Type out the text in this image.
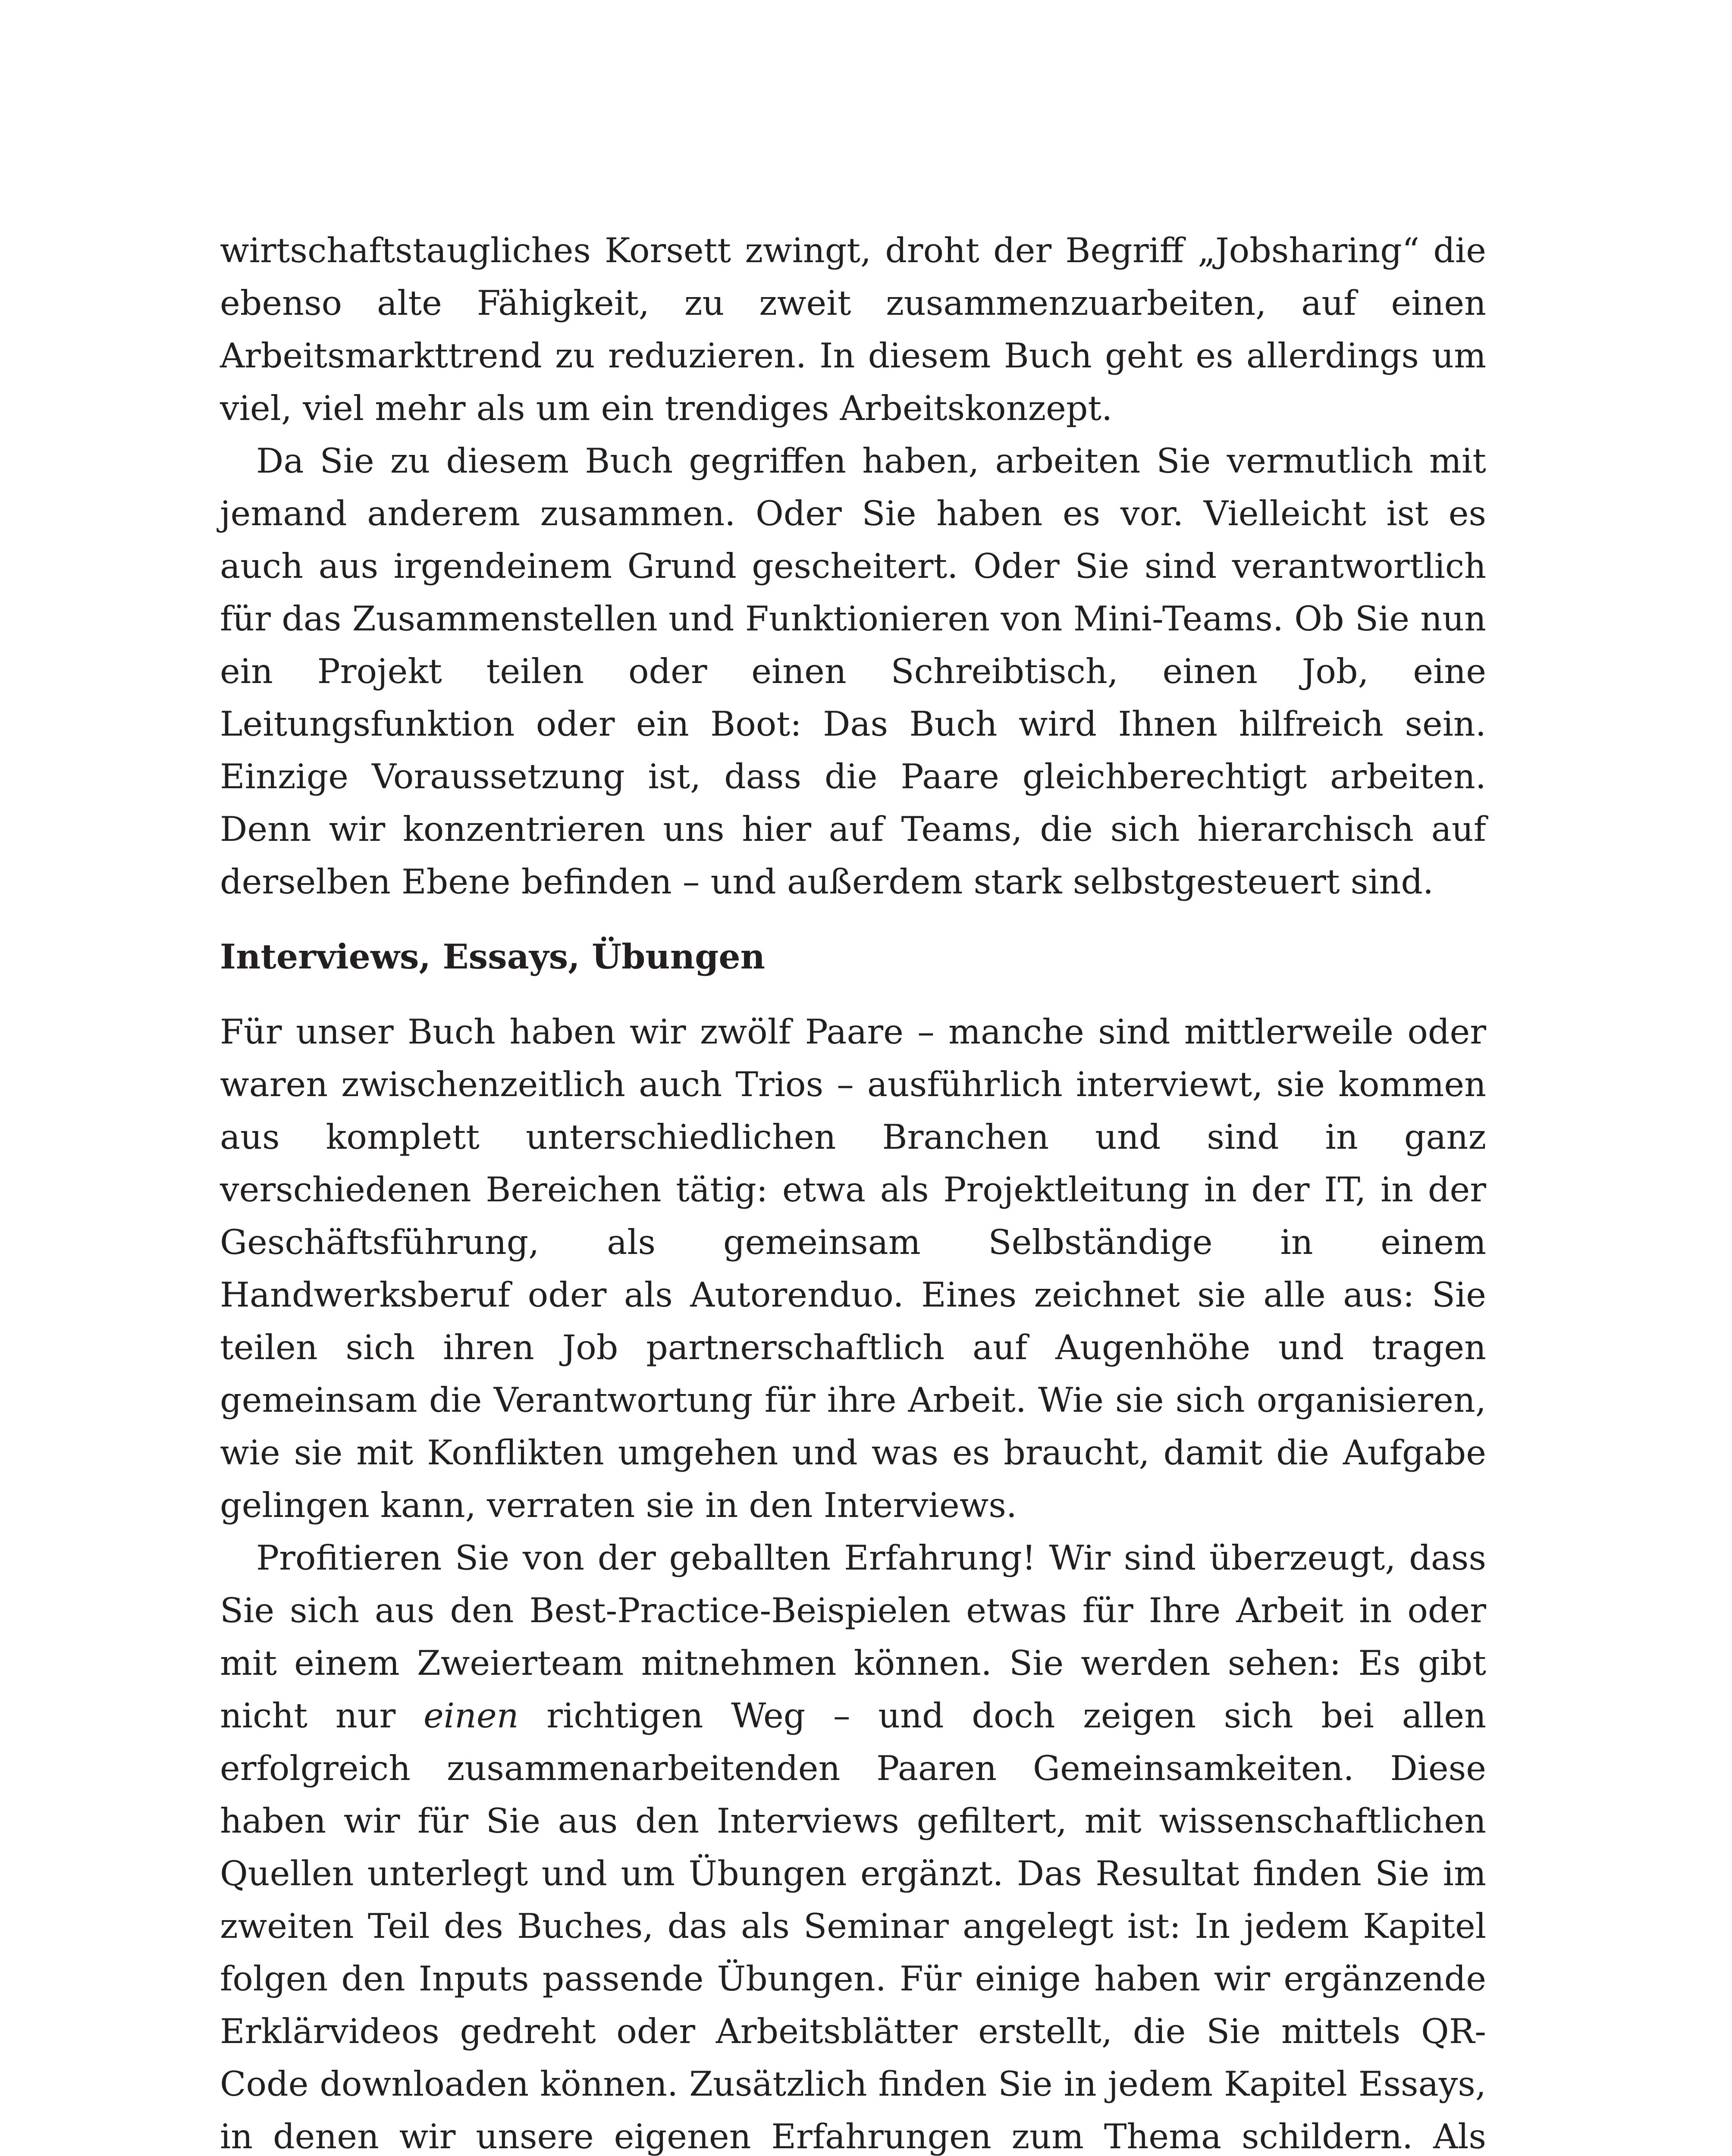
wirtschaftstaugliches Korsett zwingt, droht der Begriff „Jobsharing“ die ebenso alte Fähigkeit, zu zweit zusammenzuarbeiten, auf einen Arbeitsmarkttrend zu reduzieren. In diesem Buch geht es allerdings um viel, viel mehr als um ein trendiges Arbeitskonzept.

Da Sie zu diesem Buch gegriffen haben, arbeiten Sie vermutlich mit jemand anderem zusammen. Oder Sie haben es vor. Vielleicht ist es auch aus irgendeinem Grund gescheitert. Oder Sie sind verantwortlich für das Zusammenstellen und Funktionieren von Mini-Teams. Ob Sie nun ein Projekt teilen oder einen Schreibtisch, einen Job, eine Leitungsfunktion oder ein Boot: Das Buch wird Ihnen hilfreich sein. Einzige Voraussetzung ist, dass die Paare gleichberechtigt arbeiten. Denn wir konzentrieren uns hier auf Teams, die sich hierarchisch auf derselben Ebene befinden – und außerdem stark selbstgesteuert sind.

Interviews, Essays, Übungen

Für unser Buch haben wir zwölf Paare – manche sind mittlerweile oder waren zwischenzeitlich auch Trios – ausführlich interviewt, sie kommen aus komplett unterschiedlichen Branchen und sind in ganz verschiedenen Bereichen tätig: etwa als Projektleitung in der IT, in der Geschäftsführung, als gemeinsam Selbständige in einem Handwerksberuf oder als Autorenduo. Eines zeichnet sie alle aus: Sie teilen sich ihren Job partnerschaftlich auf Augenhöhe und tragen gemeinsam die Verantwortung für ihre Arbeit. Wie sie sich organisieren, wie sie mit Konflikten umgehen und was es braucht, damit die Aufgabe gelingen kann, verraten sie in den Interviews.

Profitieren Sie von der geballten Erfahrung! Wir sind überzeugt, dass Sie sich aus den Best-Practice-Beispielen etwas für Ihre Arbeit in oder mit einem Zweierteam mitnehmen können. Sie werden sehen: Es gibt nicht nur einen richtigen Weg – und doch zeigen sich bei allen erfolgreich zusammenarbeitenden Paaren Gemeinsamkeiten. Diese haben wir für Sie aus den Interviews gefiltert, mit wissenschaftlichen Quellen unterlegt und um Übungen ergänzt. Das Resultat finden Sie im zweiten Teil des Buches, das als Seminar angelegt ist: In jedem Kapitel folgen den Inputs passende Übungen. Für einige haben wir ergänzende Erklärvideos gedreht oder Arbeitsblätter erstellt, die Sie mittels QR-Code downloaden können. Zusätzlich finden Sie in jedem Kapitel Essays, in denen wir unsere eigenen Erfahrungen zum Thema schildern. Als
